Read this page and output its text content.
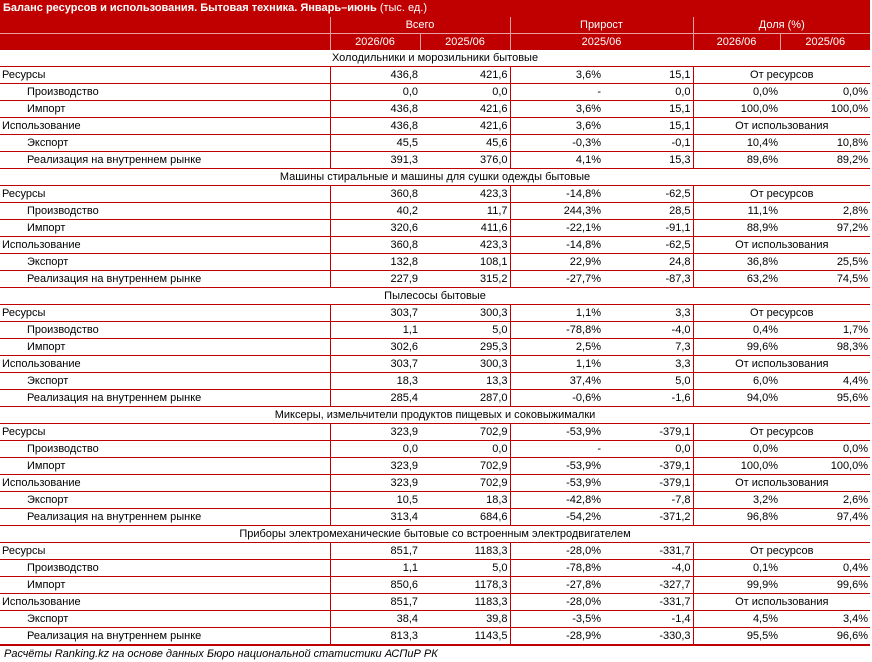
Баланс ресурсов и использования. Бытовая техника. Январь–июнь (тыс. ед.)
	Всего		Прирост		Доля (%)	
	2026/06	2025/06	2025/06		2026/06	2025/06
Холодильники и морозильники бытовые						
Ресурсы	436,8	421,6	3,6%	15,1	От ресурсов	
Производство	0,0	0,0	-	0,0	0,0%	0,0%
Импорт	436,8	421,6	3,6%	15,1	100,0%	100,0%
Использование	436,8	421,6	3,6%	15,1	От использования	
Экспорт	45,5	45,6	-0,3%	-0,1	10,4%	10,8%
Реализация на внутреннем рынке	391,3	376,0	4,1%	15,3	89,6%	89,2%
Машины стиральные и машины для сушки одежды бытовые						
Ресурсы	360,8	423,3	-14,8%	-62,5	От ресурсов	
Производство	40,2	11,7	244,3%	28,5	11,1%	2,8%
Импорт	320,6	411,6	-22,1%	-91,1	88,9%	97,2%
Использование	360,8	423,3	-14,8%	-62,5	От использования	
Экспорт	132,8	108,1	22,9%	24,8	36,8%	25,5%
Реализация на внутреннем рынке	227,9	315,2	-27,7%	-87,3	63,2%	74,5%
Пылесосы бытовые						
Ресурсы	303,7	300,3	1,1%	3,3	От ресурсов	
Производство	1,1	5,0	-78,8%	-4,0	0,4%	1,7%
Импорт	302,6	295,3	2,5%	7,3	99,6%	98,3%
Использование	303,7	300,3	1,1%	3,3	От использования	
Экспорт	18,3	13,3	37,4%	5,0	6,0%	4,4%
Реализация на внутреннем рынке	285,4	287,0	-0,6%	-1,6	94,0%	95,6%
Миксеры, измельчители продуктов пищевых и соковыжималки						
Ресурсы	323,9	702,9	-53,9%	-379,1	От ресурсов	
Производство	0,0	0,0	-	0,0	0,0%	0,0%
Импорт	323,9	702,9	-53,9%	-379,1	100,0%	100,0%
Использование	323,9	702,9	-53,9%	-379,1	От использования	
Экспорт	10,5	18,3	-42,8%	-7,8	3,2%	2,6%
Реализация на внутреннем рынке	313,4	684,6	-54,2%	-371,2	96,8%	97,4%
Приборы электромеханические бытовые со встроенным электродвигателем						
Ресурсы	851,7	1183,3	-28,0%	-331,7	От ресурсов	
Производство	1,1	5,0	-78,8%	-4,0	0,1%	0,4%
Импорт	850,6	1178,3	-27,8%	-327,7	99,9%	99,6%
Использование	851,7	1183,3	-28,0%	-331,7	От использования	
Экспорт	38,4	39,8	-3,5%	-1,4	4,5%	3,4%
Реализация на внутреннем рынке	813,3	1143,5	-28,9%	-330,3	95,5%	96,6%
Расчёты Ranking.kz на основе данных Бюро национальной статистики АСПиР РК
